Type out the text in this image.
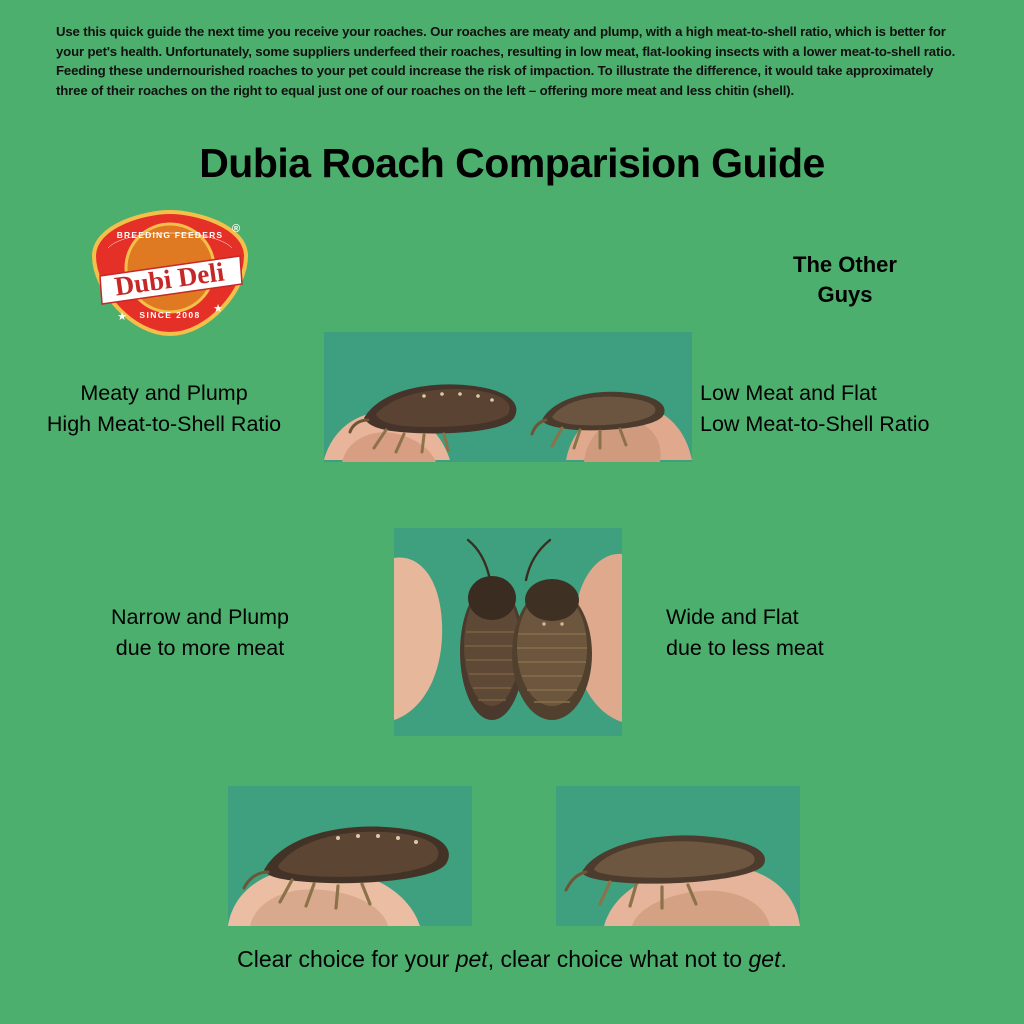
Use this quick guide the next time you receive your roaches. Our roaches are meaty and plump, with a high meat-to-shell ratio, which is better for your pet's health. Unfortunately, some suppliers underfeed their roaches, resulting in low meat, flat-looking insects with a lower meat-to-shell ratio. Feeding these undernourished roaches to your pet could increase the risk of impaction. To illustrate the difference, it would take approximately three of their roaches on the right to equal just one of our roaches on the left – offering more meat and less chitin (shell).
Dubia Roach Comparision Guide
BREEDING FEEDERS
Dubi Deli
SINCE 2008
★
★
®
The Other
Guys
Meaty and Plump
High Meat-to-Shell Ratio
Low Meat and Flat
Low Meat-to-Shell Ratio
Narrow and Plump
due to more meat
Wide and Flat
due to less meat
Clear choice for your pet, clear choice what not to get.
